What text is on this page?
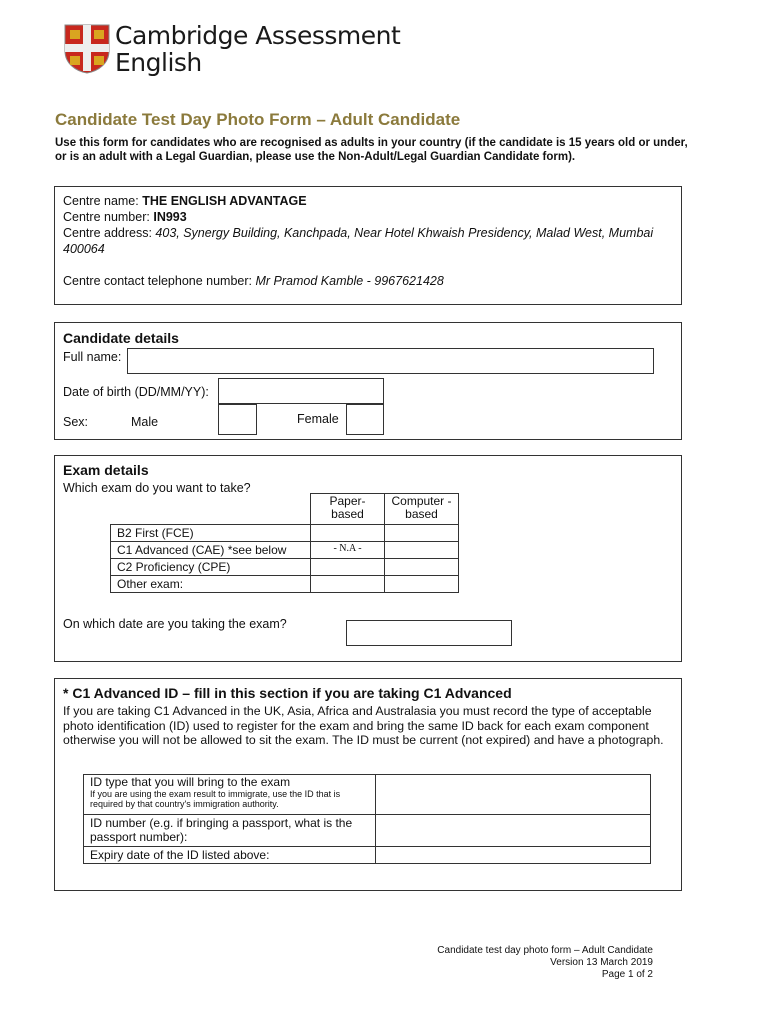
Cambridge Assessment
English
Candidate Test Day Photo Form – Adult Candidate
Use this form for candidates who are recognised as adults in your country (if the candidate is 15 years old or under, or is an adult with a Legal Guardian, please use the Non-Adult/Legal Guardian Candidate form).
Centre name: THE ENGLISH ADVANTAGE
Centre number: IN993
Centre address: 403, Synergy Building, Kanchpada, Near Hotel Khwaish Presidency, Malad West, Mumbai 400064
Centre contact telephone number: Mr Pramod Kamble - 9967621428
Candidate details
Full name:
Date of birth (DD/MM/YY):
Sex:	Male	Female
Exam details
Which exam do you want to take?
	Paper-based	Computer -based
B2 First (FCE)		
C1 Advanced (CAE) *see below	- N.A -	
C2 Proficiency (CPE)		
Other exam:		
On which date are you taking the exam?
* C1 Advanced ID – fill in this section if you are taking C1 Advanced
If you are taking C1 Advanced in the UK, Asia, Africa and Australasia you must record the type of acceptable photo identification (ID) used to register for the exam and bring the same ID back for each exam component otherwise you will not be allowed to sit the exam. The ID must be current (not expired) and have a photograph.
ID type that you will bring to the exam
If you are using the exam result to immigrate, use the ID that is required by that country's immigration authority.	

ID number (e.g. if bringing a passport, what is the passport number):	
Expiry date of the ID listed above:	
Candidate test day photo form – Adult Candidate
Version 13 March 2019
Page 1 of 2
